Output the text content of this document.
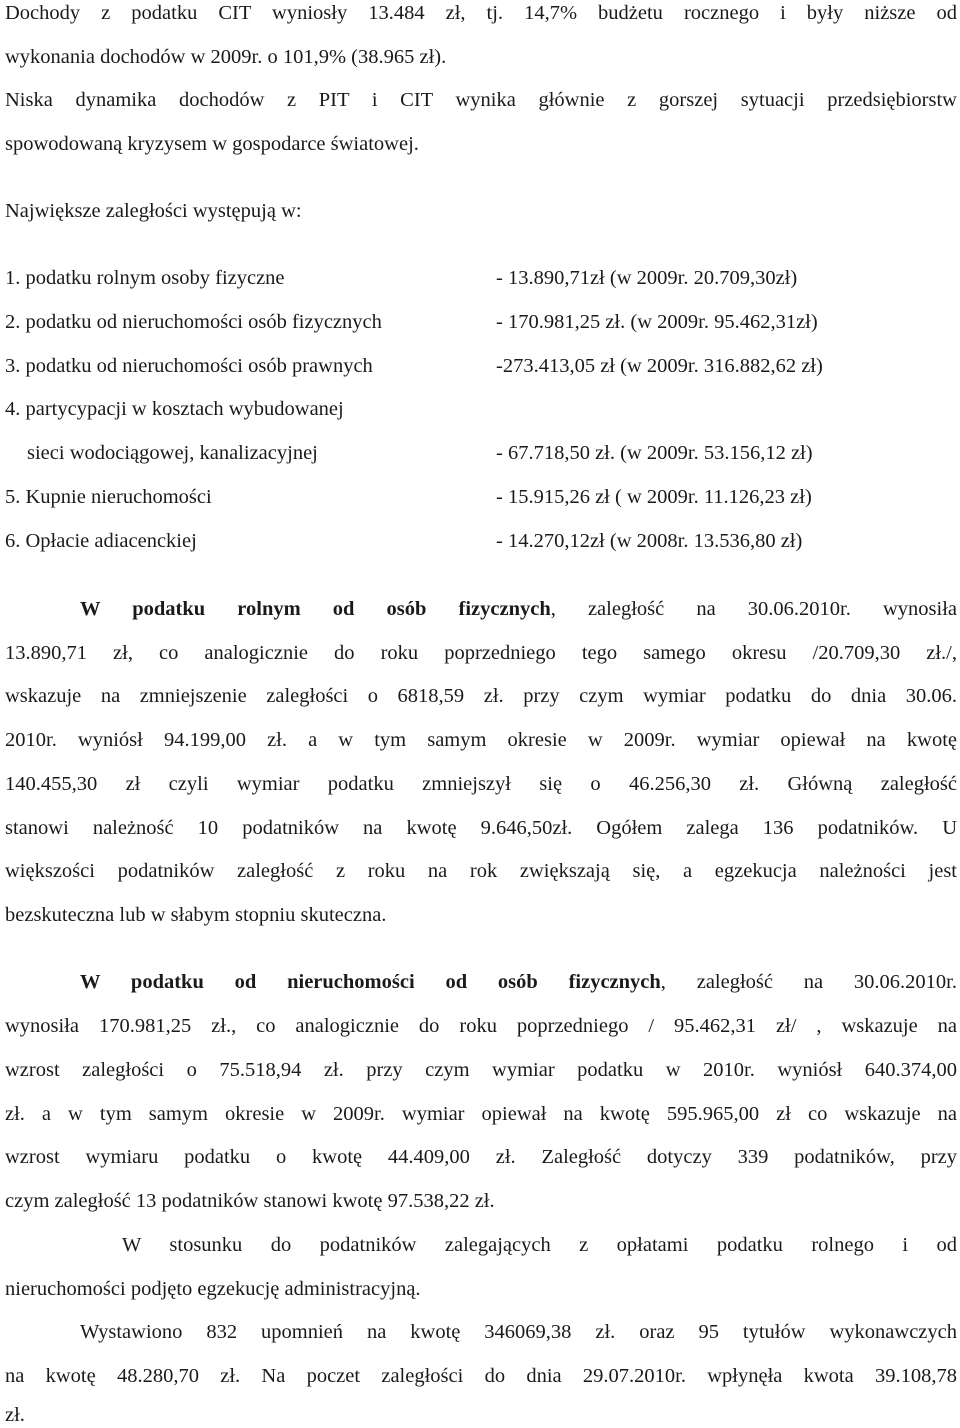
Dochody z podatku CIT wyniosły 13.484 zł, tj. 14,7% budżetu rocznego i były niższe od
wykonania dochodów w 2009r. o 101,9% (38.965 zł).
Niska dynamika dochodów z PIT i CIT wynika głównie z gorszej sytuacji przedsiębiorstw
spowodowaną kryzysem w gospodarce światowej.
Największe zaległości występują w:
1. podatku rolnym osoby fizyczne	- 13.890,71zł (w 2009r. 20.709,30zł)
2. podatku od nieruchomości osób fizycznych	- 170.981,25 zł. (w 2009r. 95.462,31zł)
3. podatku od nieruchomości osób prawnych	-273.413,05 zł (w 2009r. 316.882,62 zł)
4. partycypacji w kosztach wybudowanej
sieci wodociągowej, kanalizacyjnej	- 67.718,50 zł. (w 2009r. 53.156,12 zł)
5. Kupnie nieruchomości	- 15.915,26 zł ( w 2009r. 11.126,23 zł)
6. Opłacie adiacenckiej	- 14.270,12zł (w 2008r. 13.536,80 zł)
W podatku rolnym od osób fizycznych, zaległość na 30.06.2010r. wynosiła
13.890,71 zł, co analogicznie do roku poprzedniego tego samego okresu /20.709,30 zł./,
wskazuje na zmniejszenie zaległości o 6818,59 zł. przy czym wymiar podatku do dnia 30.06.
2010r. wyniósł 94.199,00 zł. a w tym samym okresie w 2009r. wymiar opiewał na kwotę
140.455,30 zł czyli wymiar podatku zmniejszył się o 46.256,30 zł. Główną zaległość
stanowi należność 10 podatników na kwotę 9.646,50zł. Ogółem zalega 136 podatników. U
większości podatników zaległość z roku na rok zwiększają się, a egzekucja należności jest
bezskuteczna lub w słabym stopniu skuteczna.
W podatku od nieruchomości od osób fizycznych, zaległość na 30.06.2010r.
wynosiła 170.981,25 zł., co analogicznie do roku poprzedniego / 95.462,31 zł/ , wskazuje na
wzrost zaległości o 75.518,94 zł. przy czym wymiar podatku w 2010r. wyniósł 640.374,00
zł. a w tym samym okresie w 2009r. wymiar opiewał na kwotę 595.965,00 zł co wskazuje na
wzrost wymiaru podatku o kwotę 44.409,00 zł. Zaległość dotyczy 339 podatników, przy
czym zaległość 13 podatników stanowi kwotę 97.538,22 zł.
W stosunku do podatników zalegających z opłatami podatku rolnego i od
nieruchomości podjęto egzekucję administracyjną.
Wystawiono 832 upomnień na kwotę 346069,38 zł. oraz 95 tytułów wykonawczych
na kwotę 48.280,70 zł. Na poczet zaległości do dnia 29.07.2010r. wpłynęła kwota 39.108,78
zł.
